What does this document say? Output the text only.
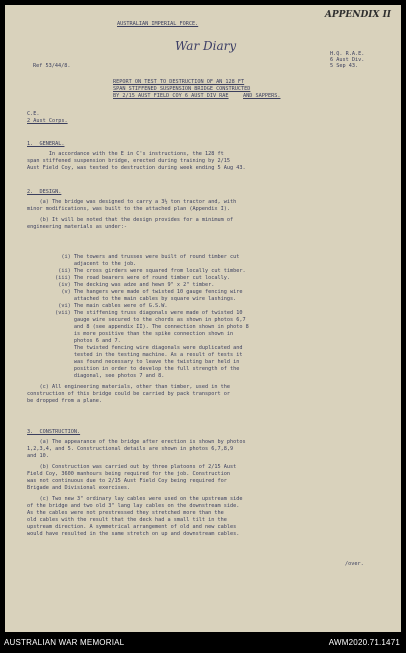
APPENDIX II
AUSTRALIAN IMPERIAL FORCE.
War Diary
Ref 53/44/8.
H.Q. R.A.E.
6 Aust Div.
5 Sep 43.
REPORT ON TEST TO DESTRUCTION OF AN 128 FT
SPAN STIFFENED SUSPENSION BRIDGE CONSTRUCTED
BY 2/15 AUST FIELD COY 6 AUST DIV RAE	AND SAPPERS.
C.E.
2 Aust Corps.
1.  GENERAL.
In accordance with the E in C's instructions, the 128 ft
span stiffened suspension bridge, erected during training by 2/15
Aust Field Coy, was tested to destruction during week ending 5 Aug 43.
2.  DESIGN.
(a) The bridge was designed to carry a 3½ ton tractor and, with
minor modifications, was built to the attached plan (Appendix I).
(b) It will be noted that the design provides for a minimum of
engineering materials as under:-
(i) The towers and trusses were built of round timber cut
adjacent to the job.
(ii) The cross girders were squared from locally cut timber.
(iii) The road bearers were of round timber cut locally.
(iv) The decking was adze and hewn 9" x 2" timber.
(v) The hangers were made of twisted 10 gauge fencing wire
attached to the main cables by square wire lashings.
(vi) The main cables were of G.S.W.
(vii) The stiffening truss diagonals were made of twisted 10
gauge wire secured to the chords as shown in photos 6,7
and 8 (see appendix II). The connection shown in photo 8
is more positive than the spike connection shown in
photos 6 and 7.
The twisted fencing wire diagonals were duplicated and
tested in the testing machine. As a result of tests it
was found necessary to leave the twisting bar held in
position in order to develop the full strength of the
diagonal, see photos 7 and 8.
(c) All engineering materials, other than timber, used in the
construction of this bridge could be carried by pack transport or
be dropped from a plane.
3.  CONSTRUCTION.
(a) The appearance of the bridge after erection is shown by photos
1,2,3,4, and 5. Constructional details are shown in photos 6,7,8,9
and 10.
(b) Construction was carried out by three platoons of 2/15 Aust
Field Coy, 3600 manhours being required for the job. Construction
was not continuous due to 2/15 Aust Field Coy being required for
Brigade and Divisional exercises.
(c) Two new 3" ordinary lay cables were used on the upstream side
of the bridge and two old 3" lang lay cables on the downstream side.
As the cables were not prestressed they stretched more than the
old cables with the result that the deck had a small tilt in the
upstream direction. A symmetrical arrangement of old and new cables
would have resulted in the same stretch on up and downstream cables.
/over.
AUSTRALIAN WAR MEMORIAL	AWM2020.71.1471
